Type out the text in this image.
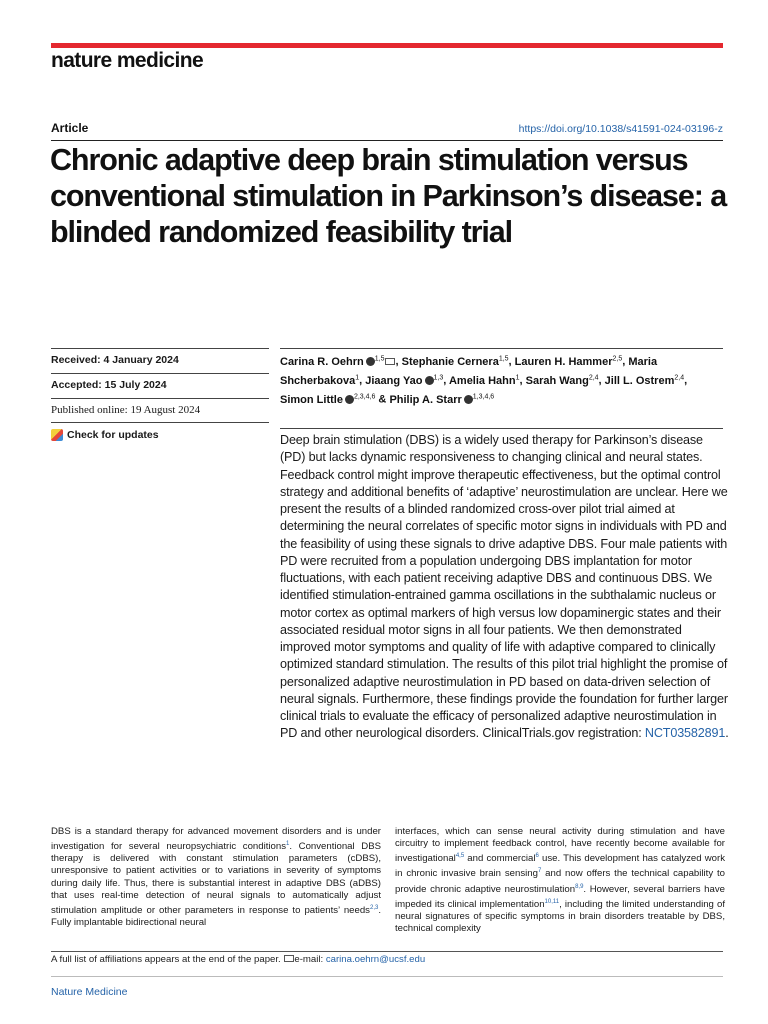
nature medicine
Article	https://doi.org/10.1038/s41591-024-03196-z
Chronic adaptive deep brain stimulation versus conventional stimulation in Parkinson’s disease: a blinded randomized feasibility trial
Received: 4 January 2024
Accepted: 15 July 2024
Published online: 19 August 2024
Check for updates
Carina R. Oehrn $^{1,5}$ , Stephanie Cernera$^{1,5}$, Lauren H. Hammer$^{2,5}$, Maria Shcherbakova$^1$, Jiaang Yao $^{1,3}$, Amelia Hahn$^1$, Sarah Wang$^{2,4}$, Jill L. Ostrem$^{2,4}$, Simon Little $^{2,3,4,6}$ & Philip A. Starr $^{1,3,4,6}$

Deep brain stimulation (DBS) is a widely used therapy for Parkinson’s disease (PD) but lacks dynamic responsiveness to changing clinical and neural states. Feedback control might improve therapeutic effectiveness, but the optimal control strategy and additional benefits of ‘adaptive’ neurostimulation are unclear. Here we present the results of a blinded randomized cross-over pilot trial aimed at determining the neural correlates of specific motor signs in individuals with PD and the feasibility of using these signals to drive adaptive DBS. Four male patients with PD were recruited from a population undergoing DBS implantation for motor fluctuations, with each patient receiving adaptive DBS and continuous DBS. We identified stimulation-entrained gamma oscillations in the subthalamic nucleus or motor cortex as optimal markers of high versus low dopaminergic states and their associated residual motor signs in all four patients. We then demonstrated improved motor symptoms and quality of life with adaptive compared to clinically optimized standard stimulation. The results of this pilot trial highlight the promise of personalized adaptive neurostimulation in PD based on data-driven selection of neural signals. Furthermore, these findings provide the foundation for further larger clinical trials to evaluate the efficacy of personalized adaptive neurostimulation in PD and other neurological disorders. ClinicalTrials.gov registration: NCT03582891.

DBS is a standard therapy for advanced movement disorders and is under investigation for several neuropsychiatric conditions$^1$. Conventional DBS therapy is delivered with constant stimulation parameters (cDBS), unresponsive to patient activities or to variations in severity of symptoms during daily life. Thus, there is substantial interest in adaptive DBS (aDBS) that uses real-time detection of neural signals to automatically adjust stimulation amplitude or other parameters in response to patients’ needs$^{2,3}$. Fully implantable bidirectional neural

interfaces, which can sense neural activity during stimulation and have circuitry to implement feedback control, have recently become available for investigational$^{4,5}$ and commercial$^6$ use. This development has catalyzed work in chronic invasive brain sensing$^7$ and now offers the technical capability to provide chronic adaptive neurostimulation$^{8,9}$. However, several barriers have impeded its clinical implementation$^{10,11}$, including the limited understanding of neural signatures of specific symptoms in brain disorders treatable by DBS, technical complexity

A full list of affiliations appears at the end of the paper. e-mail: carina.oehrn@ucsf.edu
Nature Medicine
